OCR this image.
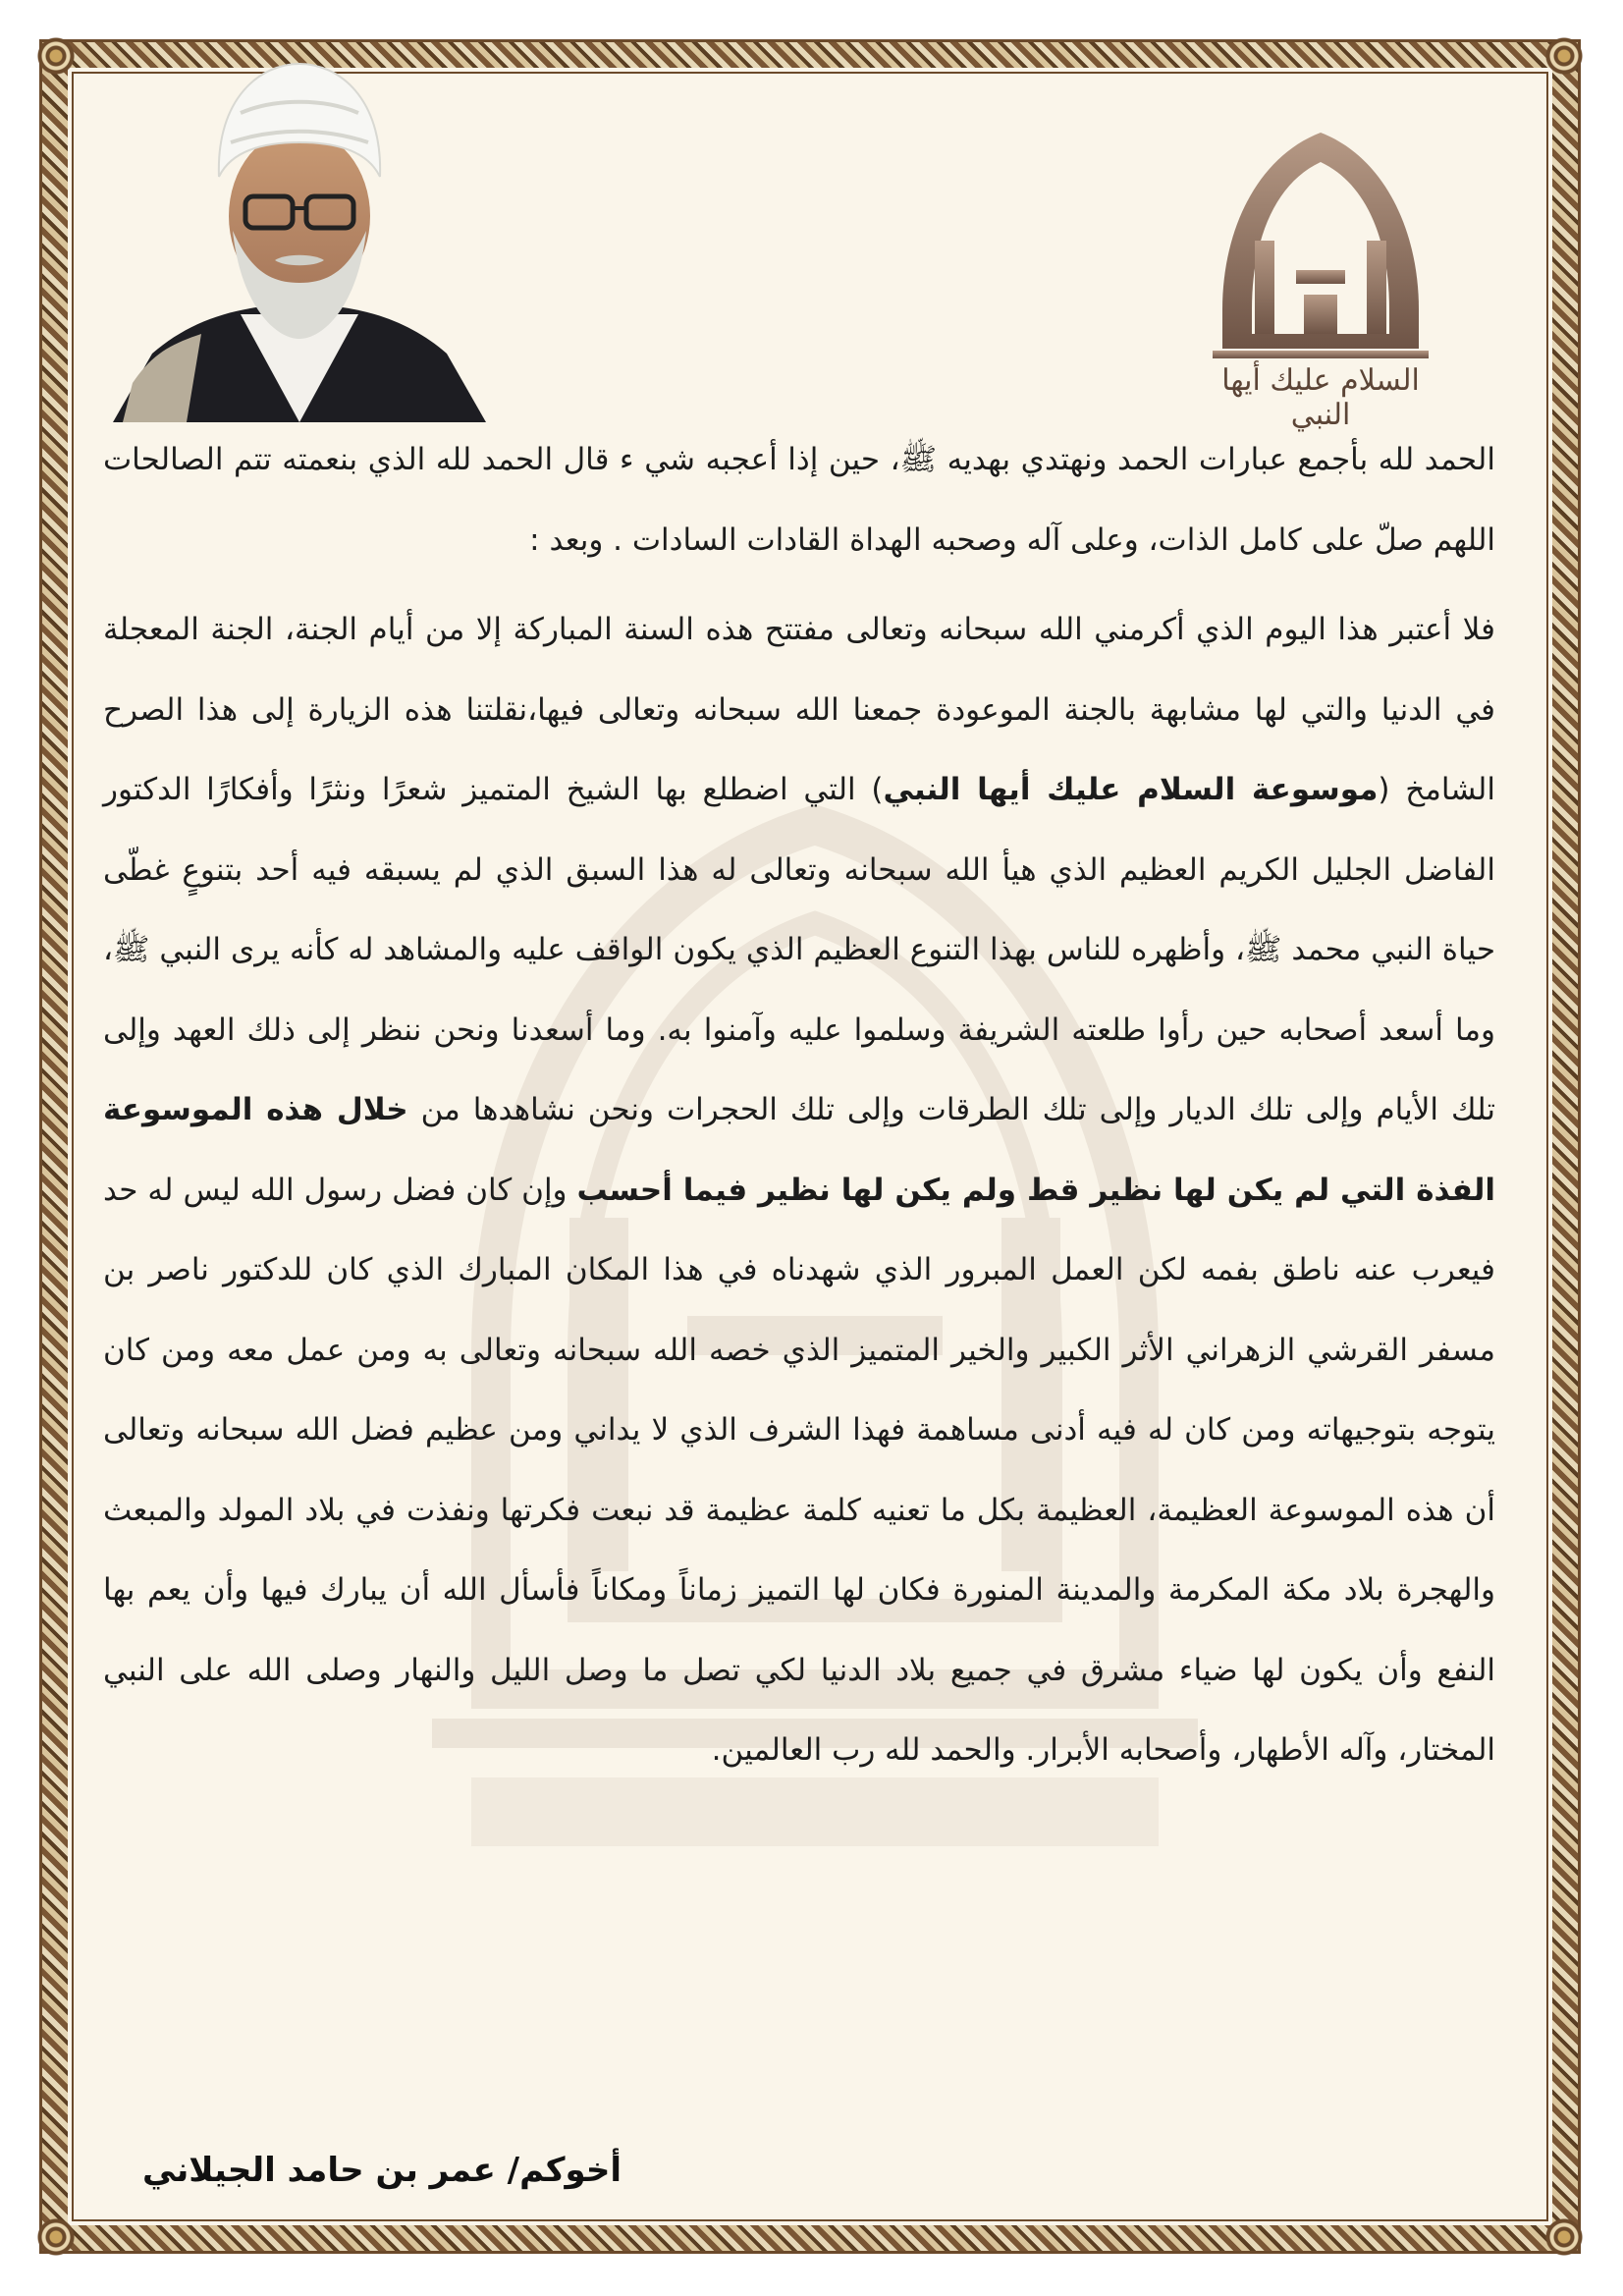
السلام عليك أيها النبي

الحمد لله بأجمع عبارات الحمد ونهتدي بهديه ﷺ، حين إذا أعجبه شي ء قال الحمد لله الذي بنعمته تتم الصالحات اللهم صلّ على كامل الذات، وعلى آله وصحبه الهداة القادات السادات . وبعد :

فلا أعتبر هذا اليوم الذي أكرمني الله سبحانه وتعالى مفتتح هذه السنة المباركة إلا من أيام الجنة، الجنة المعجلة في الدنيا والتي لها مشابهة بالجنة الموعودة جمعنا الله سبحانه وتعالى فيها،نقلتنا هذه الزيارة إلى هذا الصرح الشامخ (موسوعة السلام عليك أيها النبي) التي اضطلع بها الشيخ المتميز شعرًا ونثرًا وأفكارًا الدكتور الفاضل الجليل الكريم العظيم الذي هيأ الله سبحانه وتعالى له هذا السبق الذي لم يسبقه فيه أحد بتنوعٍ غطّى حياة النبي محمد ﷺ، وأظهره للناس بهذا التنوع العظيم الذي يكون الواقف عليه والمشاهد له كأنه يرى النبي ﷺ، وما أسعد أصحابه حين رأوا طلعته الشريفة وسلموا عليه وآمنوا به. وما أسعدنا ونحن ننظر إلى ذلك العهد وإلى تلك الأيام وإلى تلك الديار وإلى تلك الطرقات وإلى تلك الحجرات ونحن نشاهدها من خلال هذه الموسوعة الفذة التي لم يكن لها نظير قط ولم يكن لها نظير فيما أحسب وإن كان فضل رسول الله ليس له حد فيعرب عنه ناطق بفمه لكن العمل المبرور الذي شهدناه في هذا المكان المبارك الذي كان للدكتور ناصر بن مسفر القرشي الزهراني الأثر الكبير والخير المتميز الذي خصه الله سبحانه وتعالى به ومن عمل معه ومن كان يتوجه بتوجيهاته ومن كان له فيه أدنى مساهمة فهذا الشرف الذي لا يداني ومن عظيم فضل الله سبحانه وتعالى أن هذه الموسوعة العظيمة، العظيمة بكل ما تعنيه كلمة عظيمة قد نبعت فكرتها ونفذت في بلاد المولد والمبعث والهجرة بلاد مكة المكرمة والمدينة المنورة فكان لها التميز زماناً ومكاناً فأسأل الله أن يبارك فيها وأن يعم بها النفع وأن يكون لها ضياء مشرق في جميع بلاد الدنيا لكي تصل ما وصل الليل والنهار وصلى الله على النبي المختار، وآله الأطهار، وأصحابه الأبرار. والحمد لله رب العالمين.

أخوكم/ عمر بن حامد الجيلاني
